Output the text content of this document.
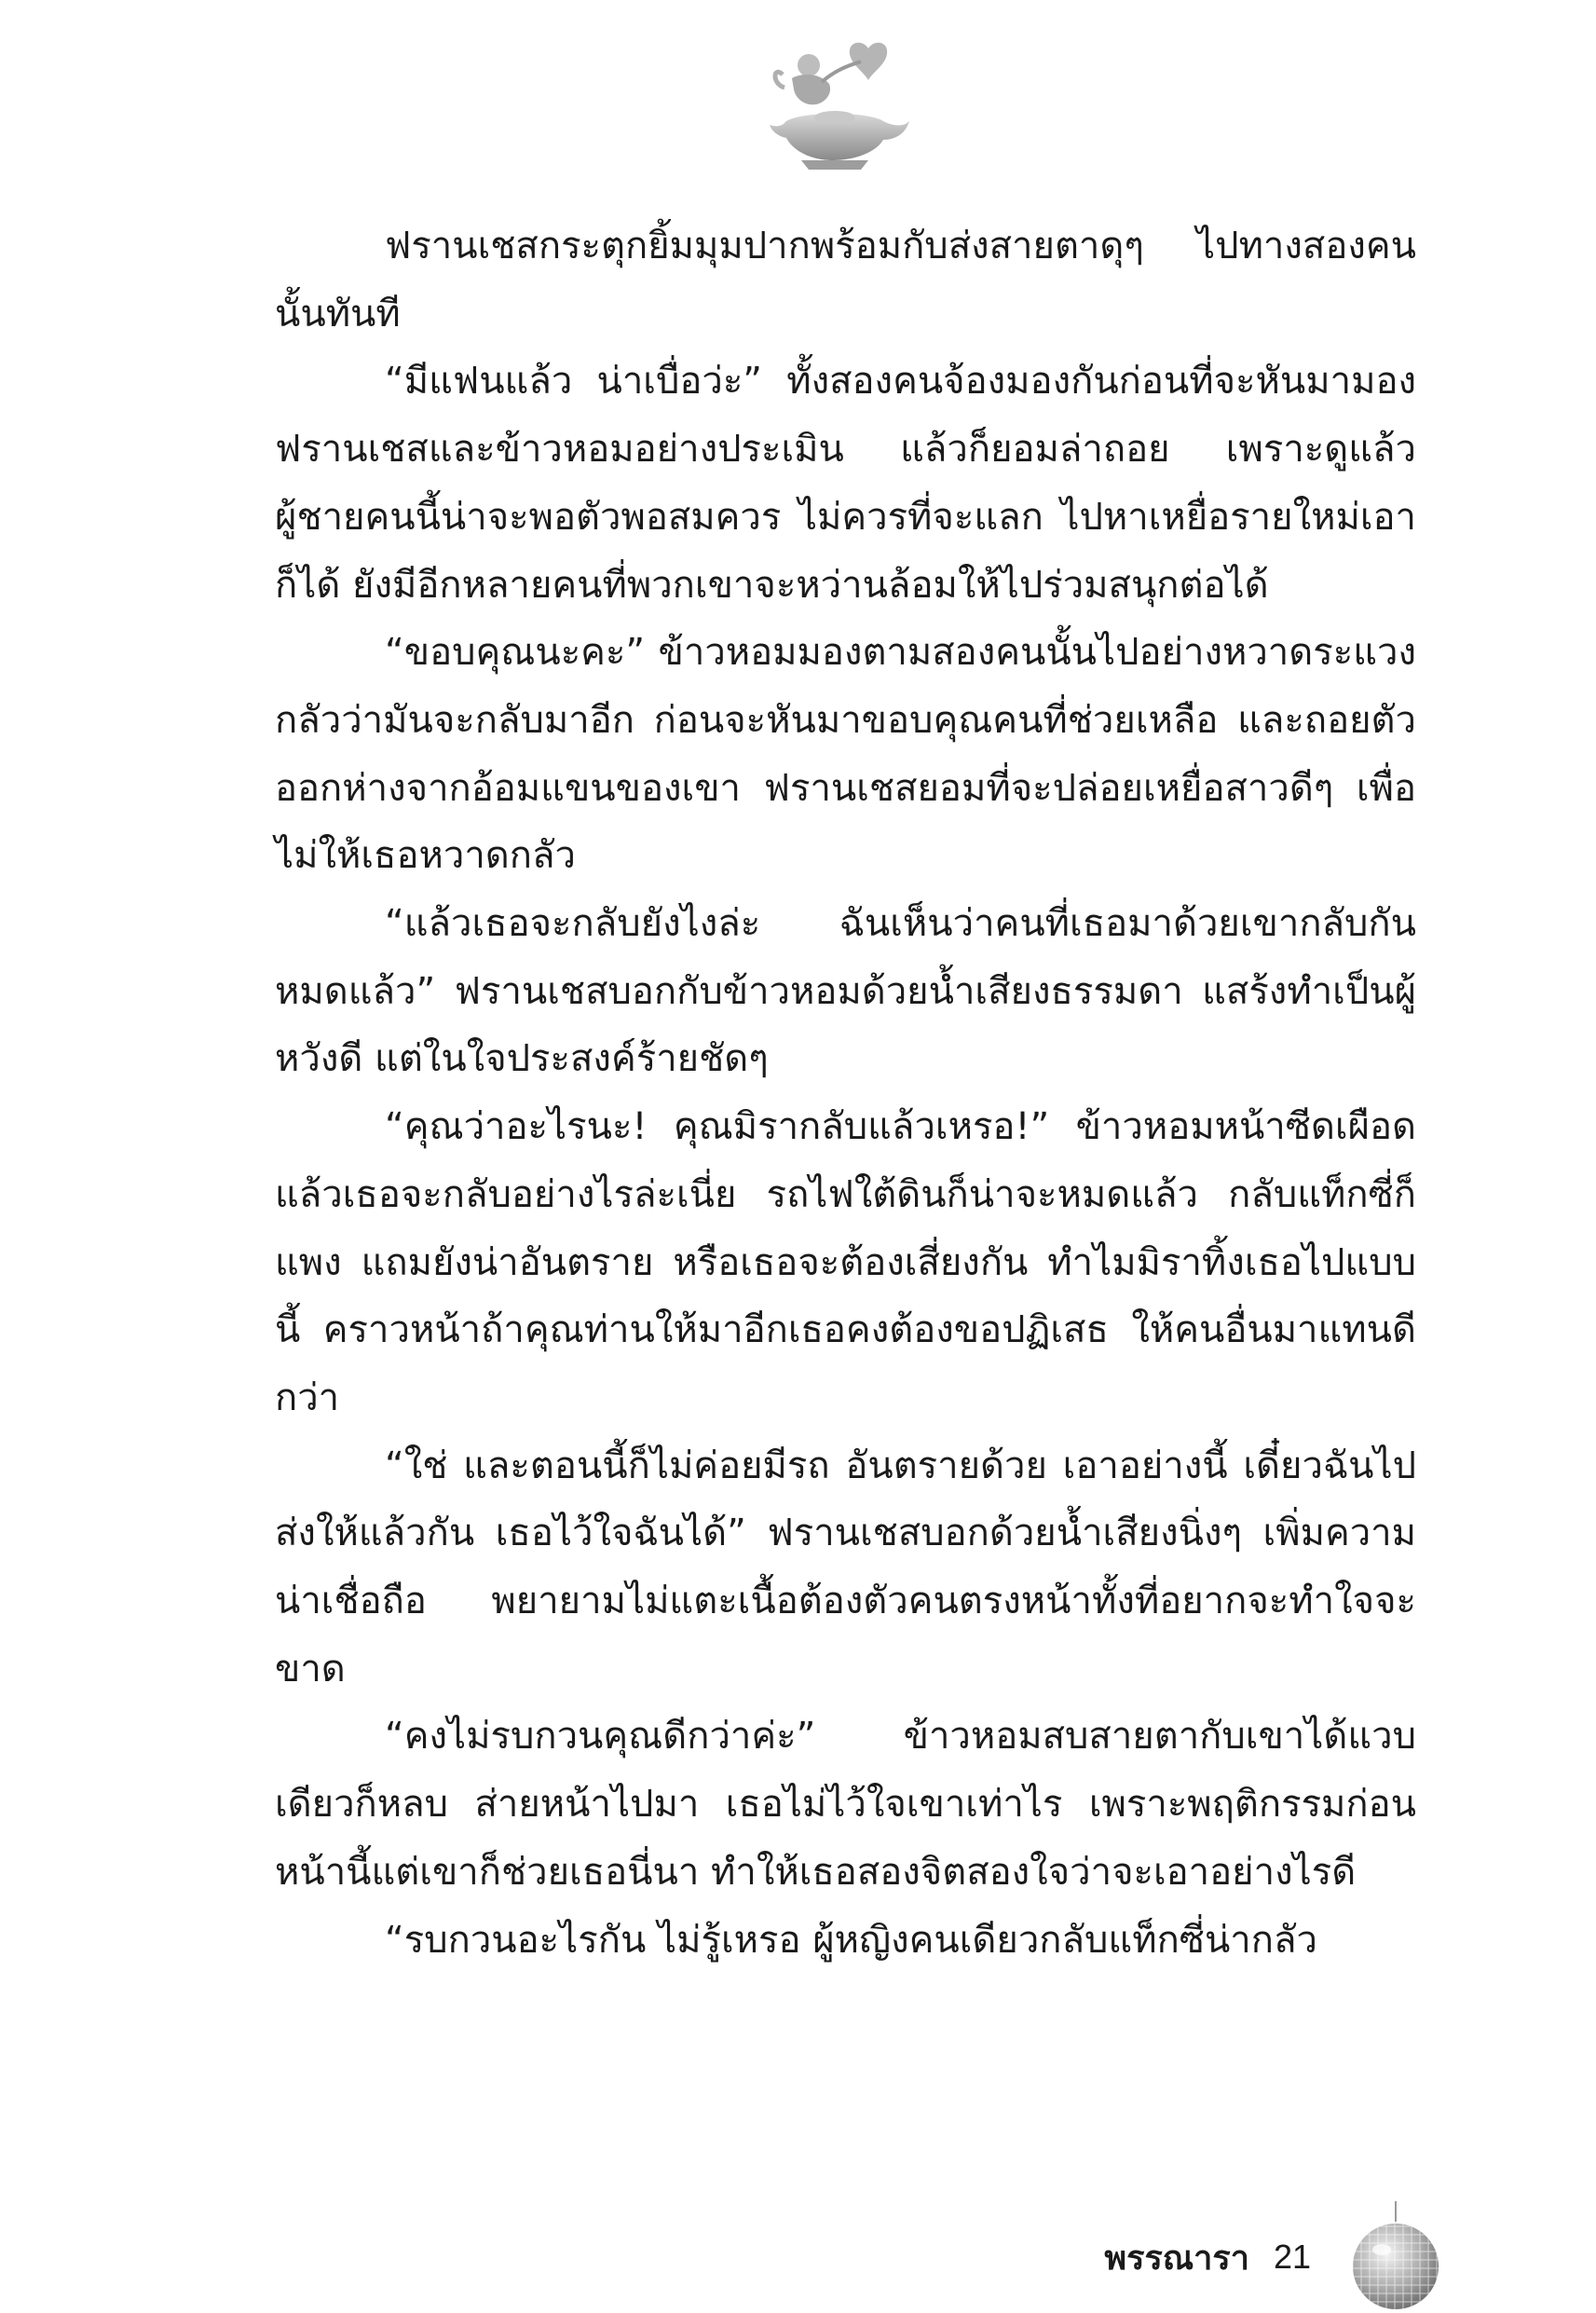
ฟรานเชสกระตุกยิ้มมุมปากพร้อมกับส่งสายตาดุๆ ไปทางสองคนนั้นทันที

“มีแฟนแล้ว น่าเบื่อว่ะ” ทั้งสองคนจ้องมองกันก่อนที่จะหันมามองฟรานเชสและข้าวหอมอย่างประเมิน แล้วก็ยอมล่าถอย เพราะดูแล้วผู้ชายคนนี้น่าจะพอตัวพอสมควร ไม่ควรที่จะแลก ไปหาเหยื่อรายใหม่เอาก็ได้ ยังมีอีกหลายคนที่พวกเขาจะหว่านล้อมให้ไปร่วมสนุกต่อได้

“ขอบคุณนะคะ” ข้าวหอมมองตามสองคนนั้นไปอย่างหวาดระแวงกลัวว่ามันจะกลับมาอีก ก่อนจะหันมาขอบคุณคนที่ช่วยเหลือ และถอยตัวออกห่างจากอ้อมแขนของเขา ฟรานเชสยอมที่จะปล่อยเหยื่อสาวดีๆ เพื่อไม่ให้เธอหวาดกลัว

“แล้วเธอจะกลับยังไงล่ะ ฉันเห็นว่าคนที่เธอมาด้วยเขากลับกันหมดแล้ว” ฟรานเชสบอกกับข้าวหอมด้วยน้ำเสียงธรรมดา แสร้งทำเป็นผู้หวังดี แต่ในใจประสงค์ร้ายชัดๆ

“คุณว่าอะไรนะ! คุณมิรากลับแล้วเหรอ!” ข้าวหอมหน้าซีดเผือดแล้วเธอจะกลับอย่างไรล่ะเนี่ย รถไฟใต้ดินก็น่าจะหมดแล้ว กลับแท็กซี่ก็แพง แถมยังน่าอันตราย หรือเธอจะต้องเสี่ยงกัน ทำไมมิราทิ้งเธอไปแบบนี้ คราวหน้าถ้าคุณท่านให้มาอีกเธอคงต้องขอปฏิเสธ ให้คนอื่นมาแทนดีกว่า

“ใช่ และตอนนี้ก็ไม่ค่อยมีรถ อันตรายด้วย เอาอย่างนี้ เดี๋ยวฉันไปส่งให้แล้วกัน เธอไว้ใจฉันได้” ฟรานเชสบอกด้วยน้ำเสียงนิ่งๆ เพิ่มความน่าเชื่อถือ พยายามไม่แตะเนื้อต้องตัวคนตรงหน้าทั้งที่อยากจะทำใจจะขาด

“คงไม่รบกวนคุณดีกว่าค่ะ” ข้าวหอมสบสายตากับเขาได้แวบเดียวก็หลบ ส่ายหน้าไปมา เธอไม่ไว้ใจเขาเท่าไร เพราะพฤติกรรมก่อนหน้านี้แต่เขาก็ช่วยเธอนี่นา ทำให้เธอสองจิตสองใจว่าจะเอาอย่างไรดี

“รบกวนอะไรกัน ไม่รู้เหรอ ผู้หญิงคนเดียวกลับแท็กซี่น่ากลัว

พรรณารา 21
